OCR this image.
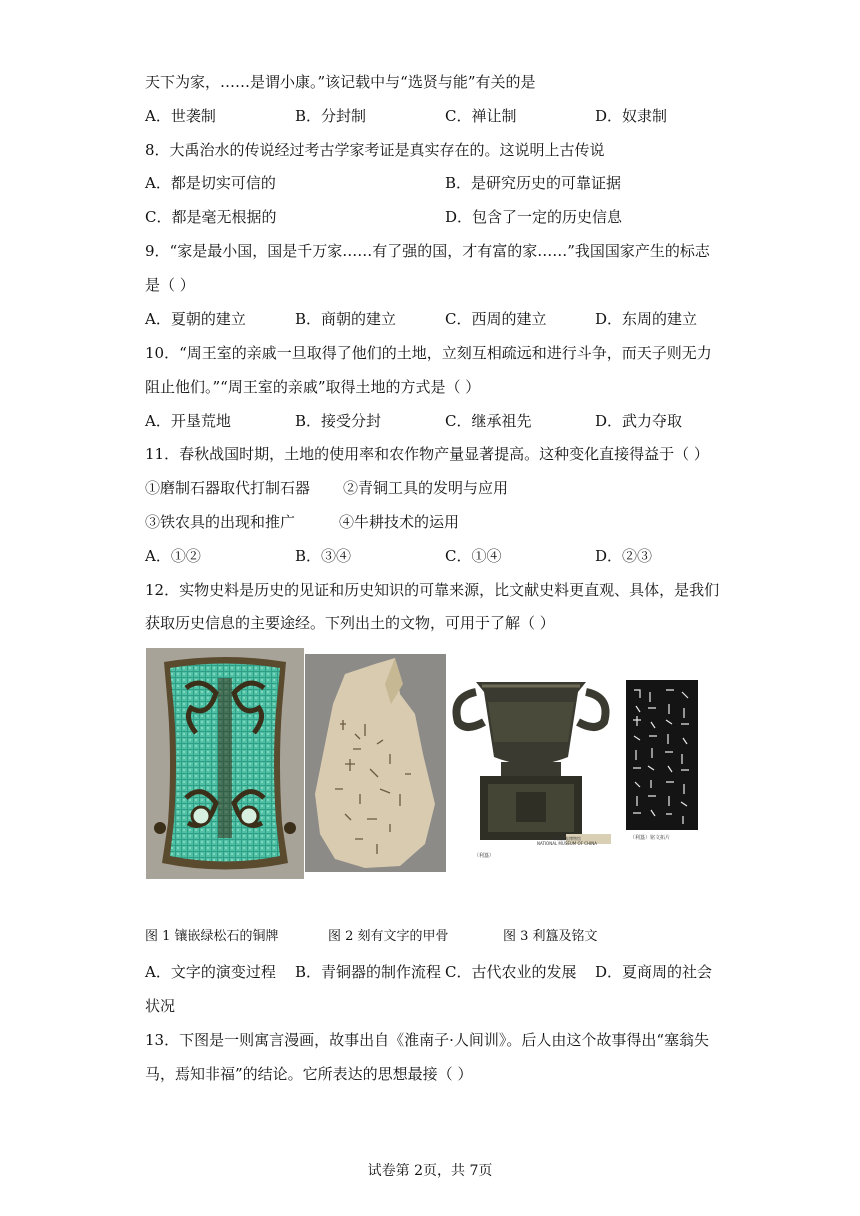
天下为家，……是谓小康。”该记载中与“选贤与能”有关的是
A．世袭制	B．分封制	C．禅让制	D．奴隶制
8．大禹治水的传说经过考古学家考证是真实存在的。这说明上古传说
A．都是切实可信的	B．是研究历史的可靠证据
C．都是毫无根据的	D．包含了一定的历史信息
9．“家是最小国，国是千万家……有了强的国，才有富的家……”我国国家产生的标志
是（ ）
A．夏朝的建立	B．商朝的建立	C．西周的建立	D．东周的建立
10．“周王室的亲戚一旦取得了他们的土地，立刻互相疏远和进行斗争，而天子则无力
阻止他们。”“周王室的亲戚”取得土地的方式是（ ）
A．开垦荒地	B．接受分封	C．继承祖先	D．武力夺取
11．春秋战国时期，土地的使用率和农作物产量显著提高。这种变化直接得益于（ ）
①磨制石器取代打制石器 ②青铜工具的发明与应用
③铁农具的出现和推广	④牛耕技术的运用
A．①②	B．③④	C．①④	D．②③
12．实物史料是历史的见证和历史知识的可靠来源，比文献史料更直观、具体，是我们
获取历史信息的主要途经。下列出土的文物，可用于了解（ ）
中国国家博物馆
NATIONAL MUSEUM OF CHINA
（利簋）
（利簋）铭文拓片
图 1 镶嵌绿松石的铜牌	图 2 刻有文字的甲骨	图 3 利簋及铭文
A．文字的演变过程 B．青铜器的制作流程 C．古代农业的发展 D．夏商周的社会
状况
13．下图是一则寓言漫画，故事出自《淮南子·人间训》。后人由这个故事得出“塞翁失
马，焉知非福”的结论。它所表达的思想最接（ ）
试卷第 2页，共 7页
